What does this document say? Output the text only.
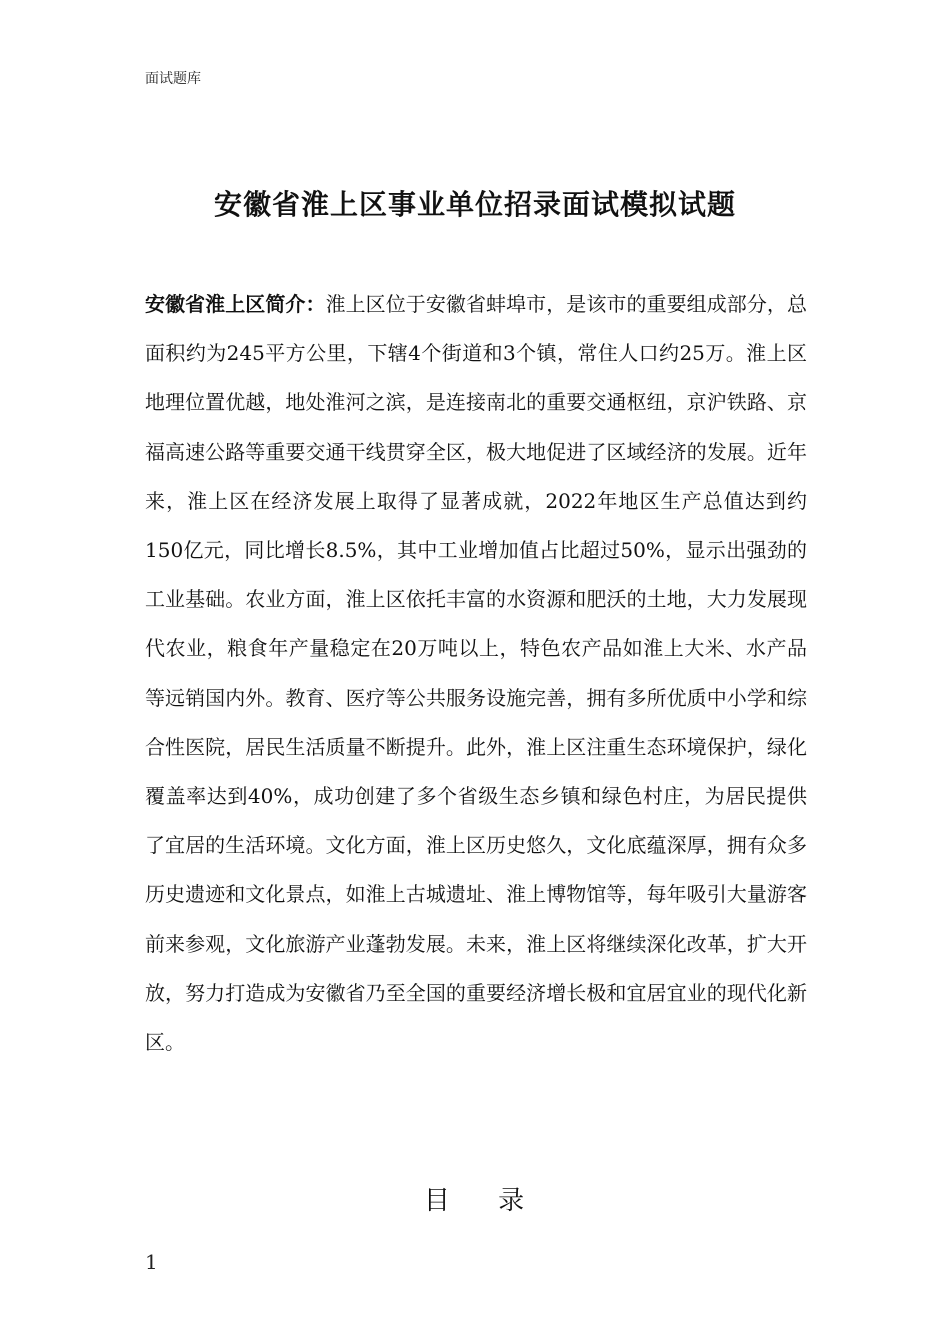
面试题库
安徽省淮上区事业单位招录面试模拟试题

安徽省淮上区简介：淮上区位于安徽省蚌埠市，是该市的重要组成部分，总面积约为245平方公里，下辖4个街道和3个镇，常住人口约25万。淮上区地理位置优越，地处淮河之滨，是连接南北的重要交通枢纽，京沪铁路、京福高速公路等重要交通干线贯穿全区，极大地促进了区域经济的发展。近年来，淮上区在经济发展上取得了显著成就，2022年地区生产总值达到约150亿元，同比增长8.5%，其中工业增加值占比超过50%，显示出强劲的工业基础。农业方面，淮上区依托丰富的水资源和肥沃的土地，大力发展现代农业，粮食年产量稳定在20万吨以上，特色农产品如淮上大米、水产品等远销国内外。教育、医疗等公共服务设施完善，拥有多所优质中小学和综合性医院，居民生活质量不断提升。此外，淮上区注重生态环境保护，绿化覆盖率达到40%，成功创建了多个省级生态乡镇和绿色村庄，为居民提供了宜居的生活环境。文化方面，淮上区历史悠久，文化底蕴深厚，拥有众多历史遗迹和文化景点，如淮上古城遗址、淮上博物馆等，每年吸引大量游客前来参观，文化旅游产业蓬勃发展。未来，淮上区将继续深化改革，扩大开放，努力打造成为安徽省乃至全国的重要经济增长极和宜居宜业的现代化新区。

目 录
1
